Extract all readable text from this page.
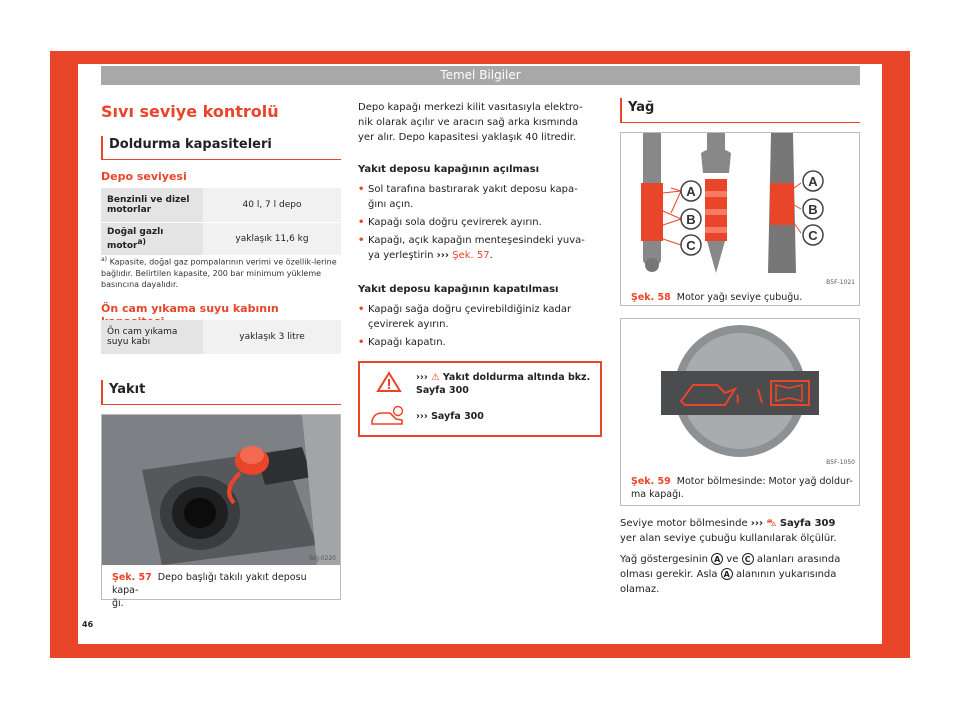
Temel Bilgiler
Sıvı seviye kontrolü
Doldurma kapasiteleri
Depo seviyesi
Benzinli ve dizel motorlar	40 l, 7 l depo
Doğal gazlı motor$^{a)}$	yaklaşık 11,6 kg
$^{a)}$ Kapasite, doğal gaz pompalarının verimi ve özellik-lerine bağlıdır. Belirtilen kapasite, 200 bar minimum yükleme basıncına dayalıdır.
Ön cam yıkama suyu kabının
Ön cam yıkama suyu kabı	yaklaşık 3 litre
Yakıt
BKJ-0220
Şek. 57 Depo başlığı takılı yakıt deposu kapa-
ğı.
Depo kapağı merkezi kilit vasıtasıyla elektro-
nik olarak açılır ve aracın sağ arka kısmında
yer alır. Depo kapasitesi yaklaşık 40 litredir.
Yakıt deposu kapağının açılması
• Sol tarafına bastırarak yakıt deposu kapa-
ğını açın.
• Kapağı sola doğru çevirerek ayırın.
• Kapağı, açık kapağın menteşesindeki yuva-
ya yerleştirin ››› Şek. 57.
Yakıt deposu kapağının kapatılması
• Kapağı sağa doğru çevirebildiğiniz kadar
çevirerek ayırın.
• Kapağı kapatın.
››› ⚠ Yakıt doldurma altında bkz.
Sayfa 300
››› Sayfa 300
Yağ
A
B
C
A
B
C
B5F-1021
Şek. 58 Motor yağı seviye çubuğu.
B5F-1050
Şek. 59 Motor bölmesinde: Motor yağ doldur-
ma kapağı.
Seviye motor bölmesinde ››› ⛍ Sayfa 309
yer alan seviye çubuğu kullanılarak ölçülür.
Yağ göstergesinin A ve C alanları arasında
olması gerekir. Asla A alanının yukarısında
olamaz.
46
